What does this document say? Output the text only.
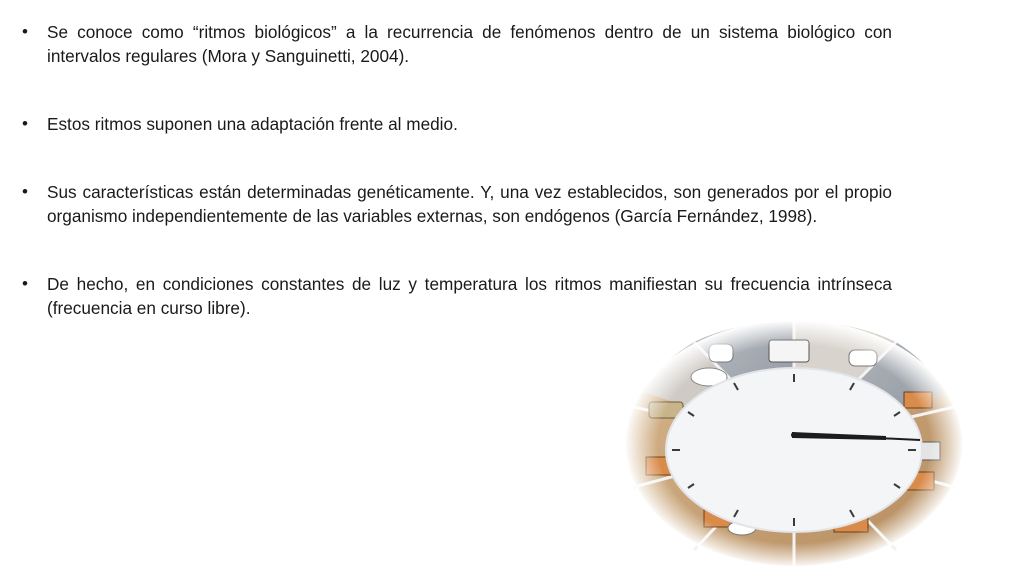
•	Se conoce como “ritmos biológicos” a la recurrencia de fenómenos dentro de un sistema biológico con intervalos regulares (Mora y Sanguinetti, 2004).
•	Estos ritmos suponen una adaptación frente al medio.
•	Sus características están determinadas genéticamente. Y, una vez establecidos, son generados por el propio organismo independientemente de las variables externas, son endógenos (García Fernández, 1998).
•	De hecho, en condiciones constantes de luz y temperatura los ritmos manifiestan su frecuencia intrínseca (frecuencia en curso libre).
